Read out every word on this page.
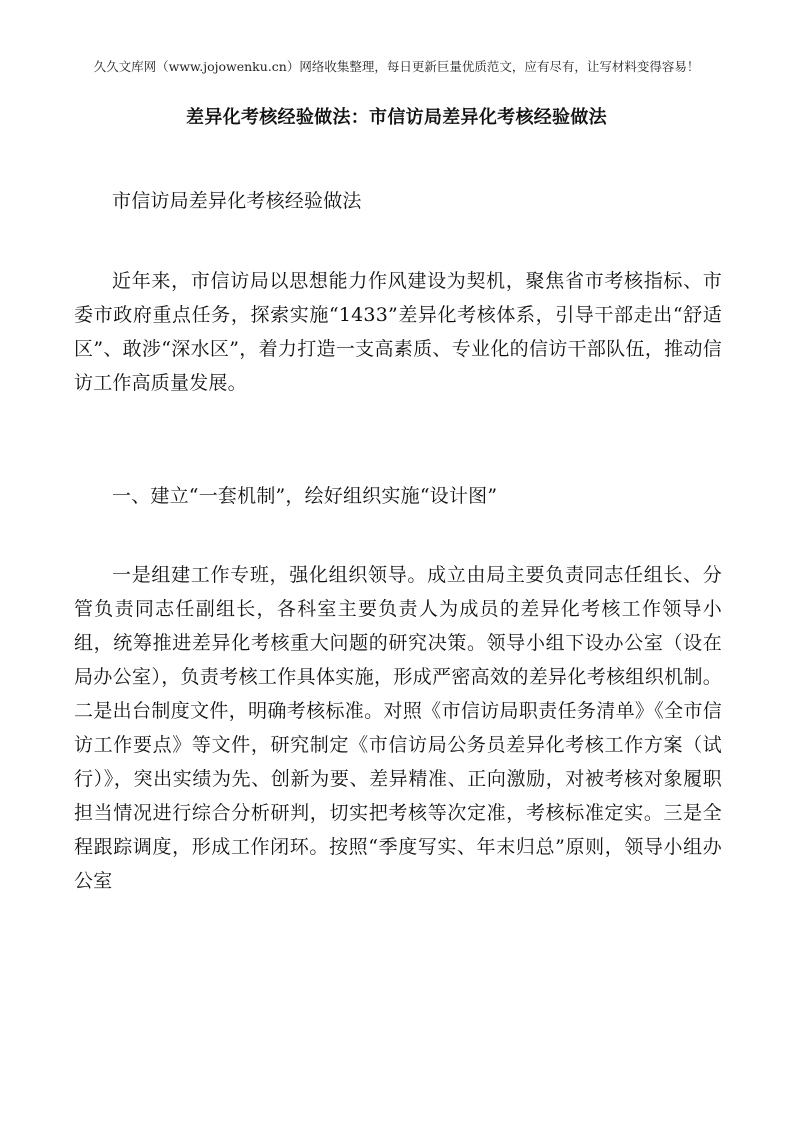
久久文库网（www.jojowenku.cn）网络收集整理，每日更新巨量优质范文，应有尽有，让写材料变得容易！
差异化考核经验做法：市信访局差异化考核经验做法

市信访局差异化考核经验做法

近年来，市信访局以思想能力作风建设为契机，聚焦省市考核指标、市委市政府重点任务，探索实施“1433”差异化考核体系，引导干部走出“舒适区”、敢涉“深水区”，着力打造一支高素质、专业化的信访干部队伍，推动信访工作高质量发展。

一、建立“一套机制”，绘好组织实施“设计图”

一是组建工作专班，强化组织领导。成立由局主要负责同志任组长、分管负责同志任副组长，各科室主要负责人为成员的差异化考核工作领导小组，统筹推进差异化考核重大问题的研究决策。领导小组下设办公室（设在局办公室），负责考核工作具体实施，形成严密高效的差异化考核组织机制。二是出台制度文件，明确考核标准。对照《市信访局职责任务清单》《全市信访工作要点》等文件，研究制定《市信访局公务员差异化考核工作方案（试行）》，突出实绩为先、创新为要、差异精准、正向激励，对被考核对象履职担当情况进行综合分析研判，切实把考核等次定准，考核标准定实。三是全程跟踪调度，形成工作闭环。按照“季度写实、年末归总”原则，领导小组办公室
